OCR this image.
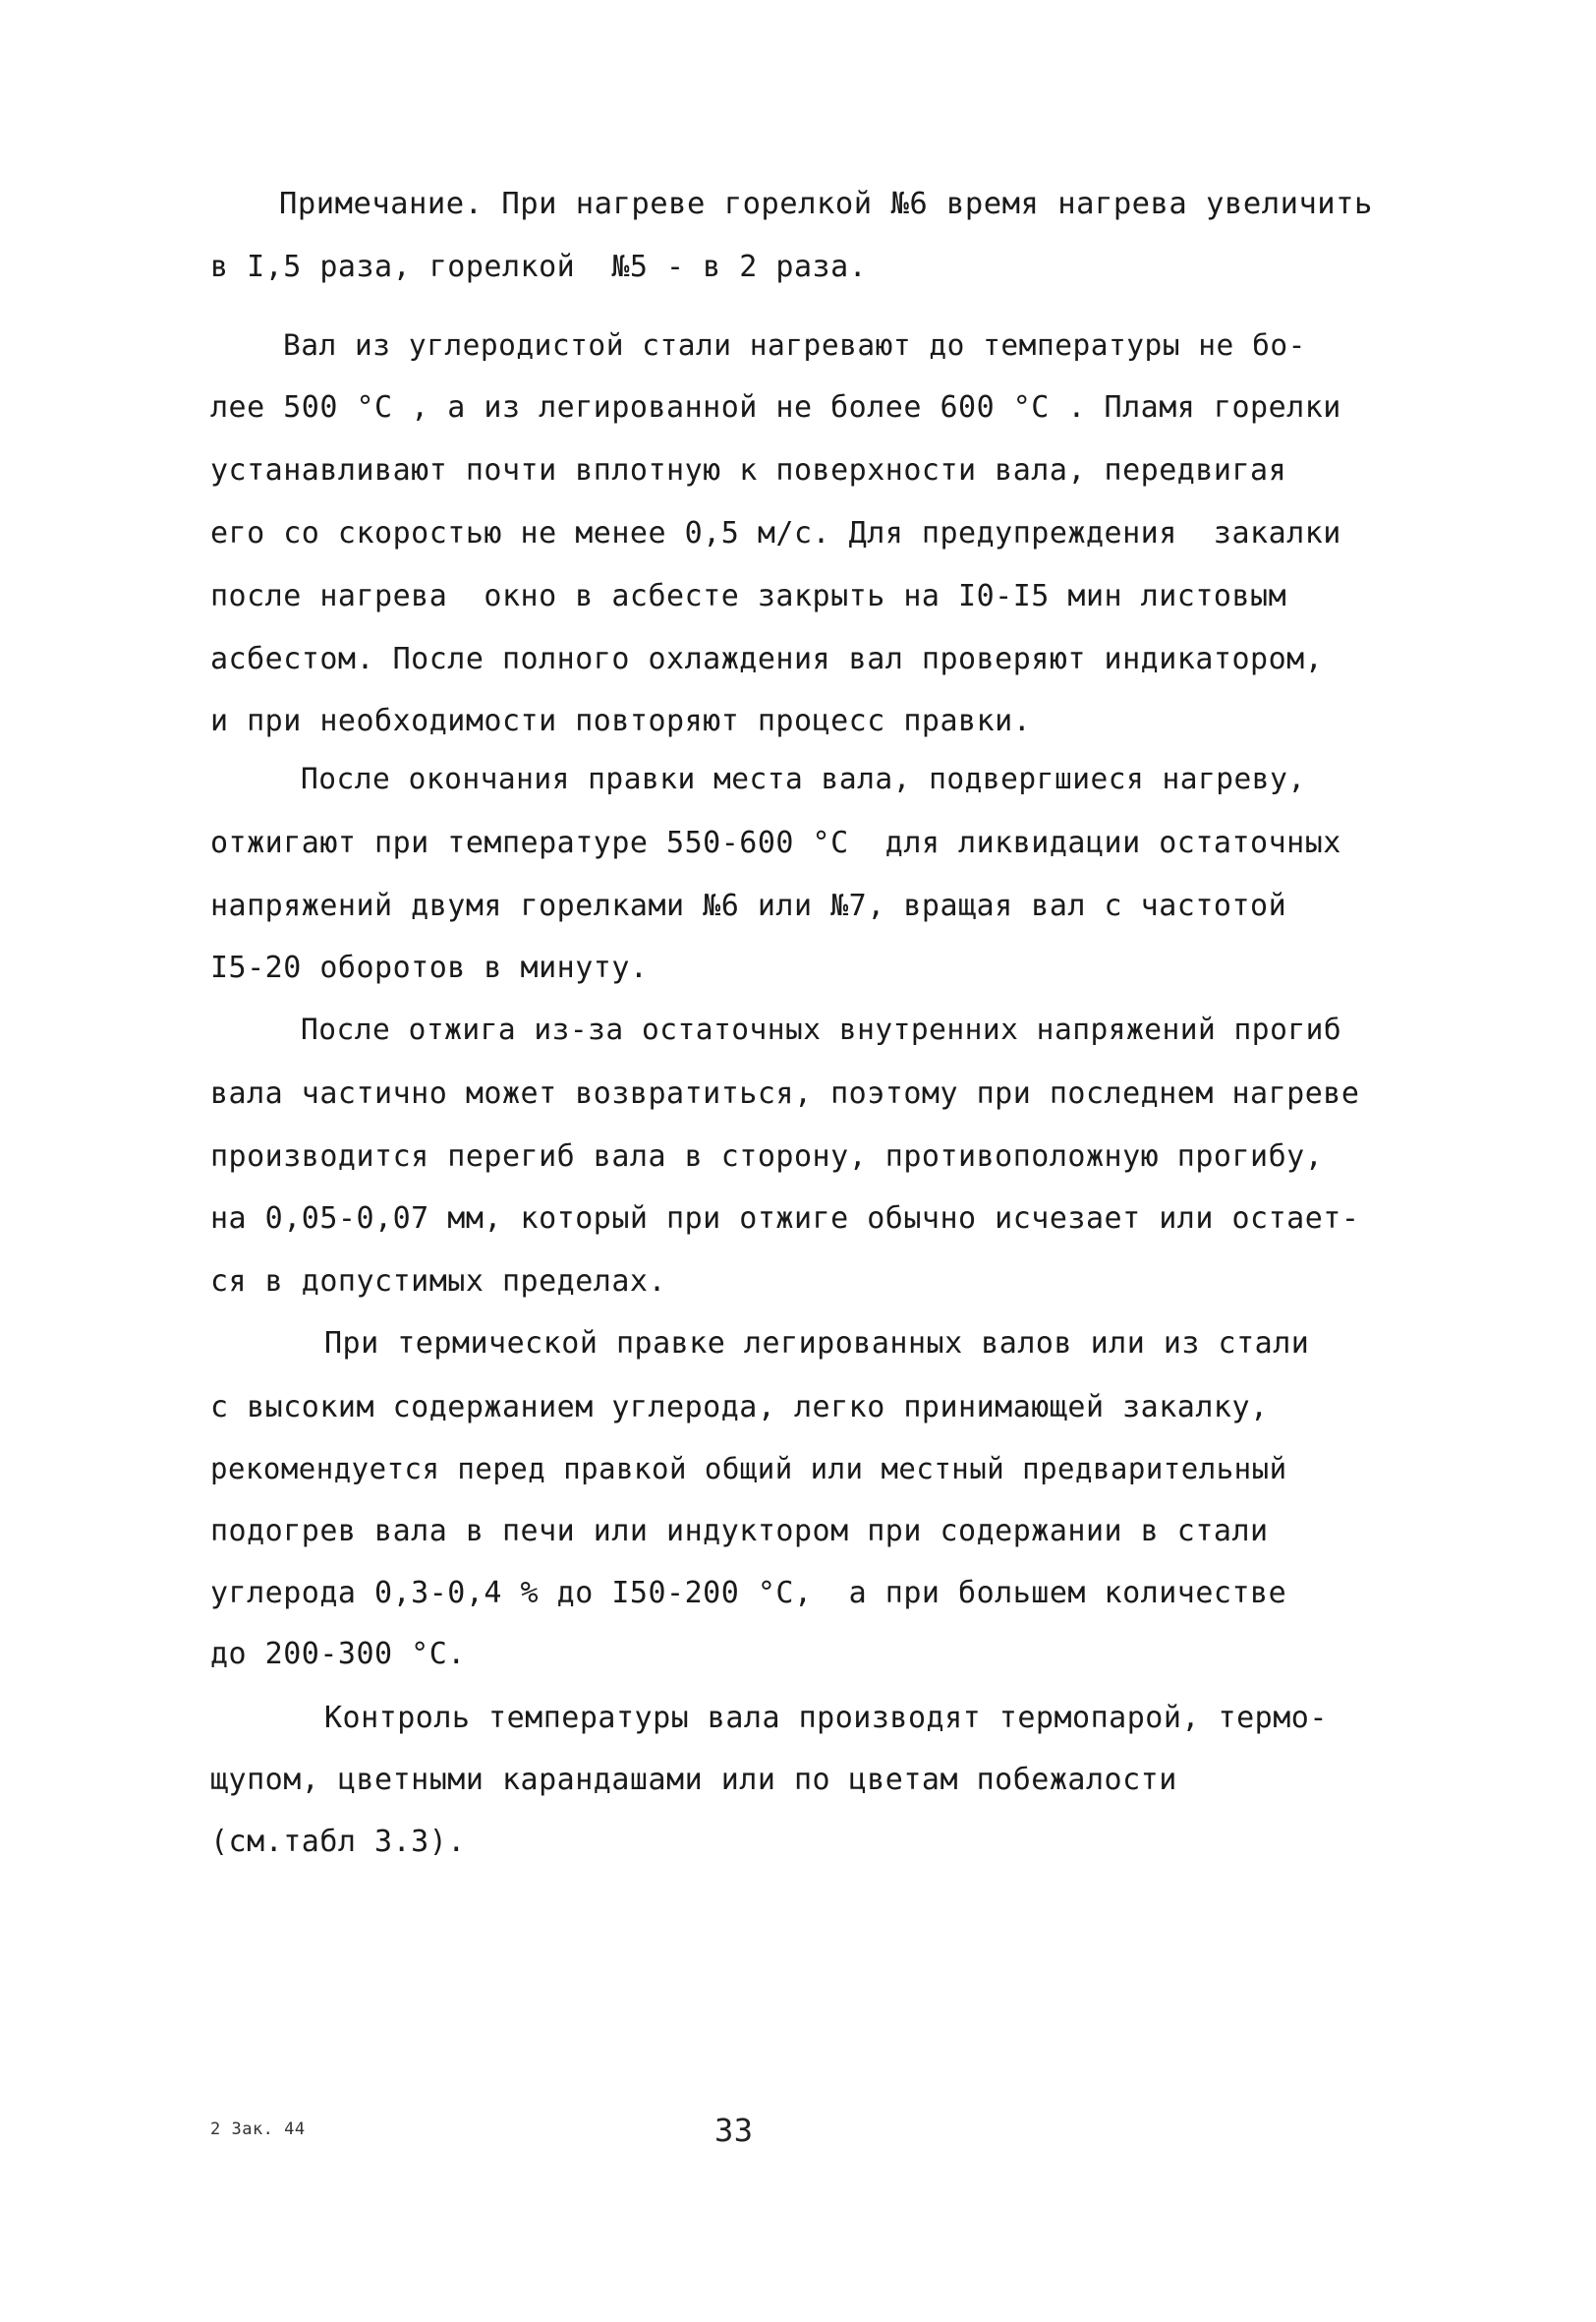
Примечание. При нагреве горелкой №6 время нагрева увеличить
в I,5 раза, горелкой  №5 - в 2 раза.
Вал из углеродистой стали нагревают до температуры не бо-
лее 500 °С , а из легированной не более 600 °С . Пламя горелки
устанавливают почти вплотную к поверхности вала, передвигая
его со скоростью не менее 0,5 м/с. Для предупреждения  закалки
после нагрева  окно в асбесте закрыть на I0-I5 мин листовым
асбестом. После полного охлаждения вал проверяют индикатором,
и при необходимости повторяют процесс правки.
После окончания правки места вала, подвергшиеся нагреву,
отжигают при температуре 550-600 °С  для ликвидации остаточных
напряжений двумя горелками №6 или №7, вращая вал с частотой
I5-20 оборотов в минуту.
После отжига из-за остаточных внутренних напряжений прогиб
вала частично может возвратиться, поэтому при последнем нагреве
производится перегиб вала в сторону, противоположную прогибу,
на 0,05-0,07 мм, который при отжиге обычно исчезает или остает-
ся в допустимых пределах.
При термической правке легированных валов или из стали
с высоким содержанием углерода, легко принимающей закалку,
рекомендуется перед правкой общий или местный предварительный
подогрев вала в печи или индуктором при содержании в стали
углерода 0,3-0,4 % до I50-200 °С,  а при большем количестве
до 200-300 °С.
Контроль температуры вала производят термопарой, термо-
щупом, цветными карандашами или по цветам побежалости
(см.табл 3.3).
2 Зак. 44	33
